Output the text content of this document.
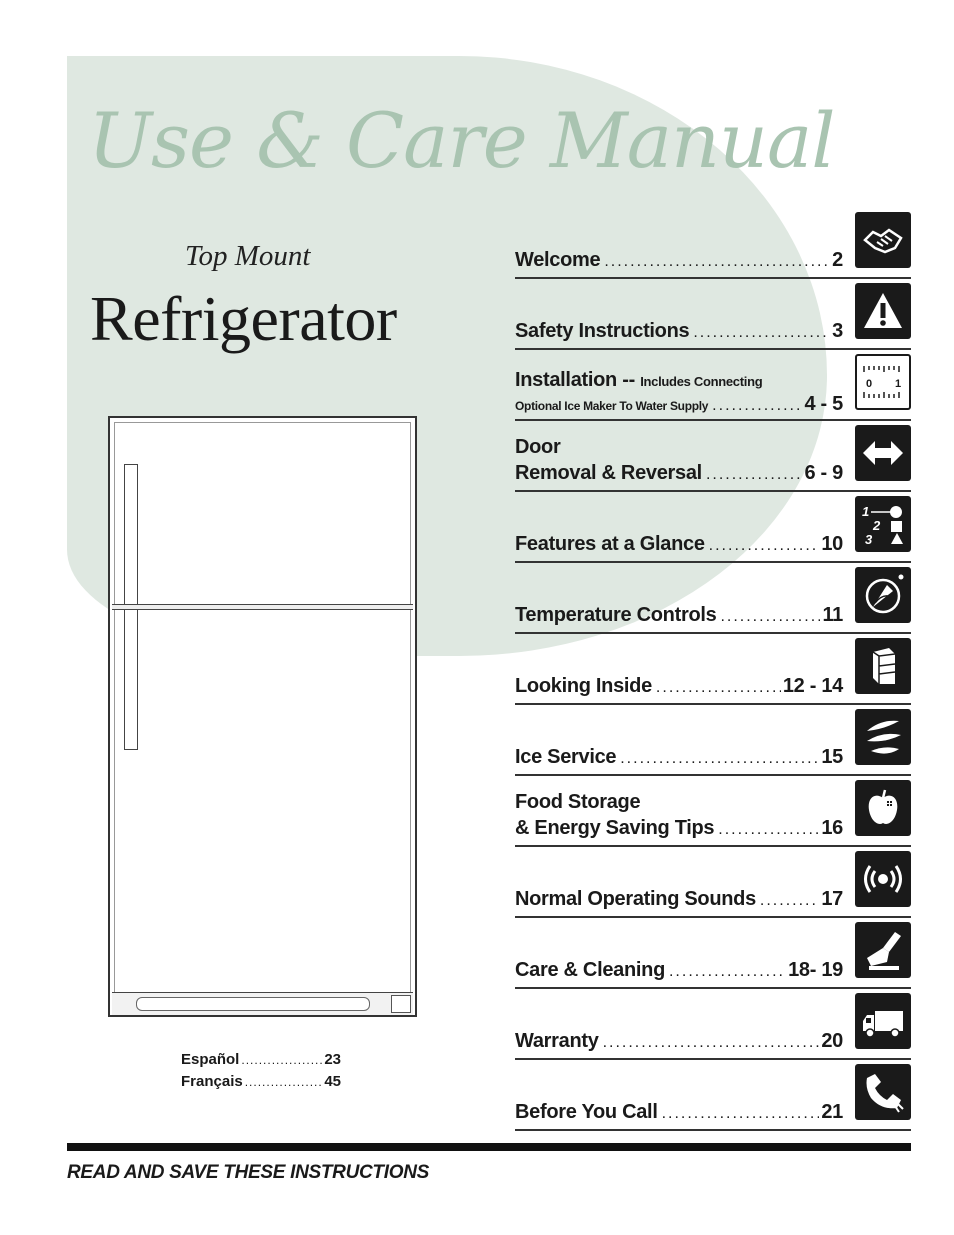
Use & Care Manual
Top Mount
Refrigerator
Español .....	23
Français .....	45
Welcome .....	2
Safety Instructions .....	3
Installation --
Includes Connecting
Optional Ice Maker To Water Supply .....	4 - 5
0 1
Door
Removal & Reversal .....	6 - 9
Features at a Glance .....	10
1
2
3
Temperature Controls .....	11
Looking Inside .....	12 - 14
Ice Service .....	15
Food Storage
& Energy Saving Tips .....	16
Normal Operating Sounds .....	17
Care & Cleaning .....	18- 19
Warranty .....	20
Before You Call .....	21
READ AND SAVE THESE INSTRUCTIONS
